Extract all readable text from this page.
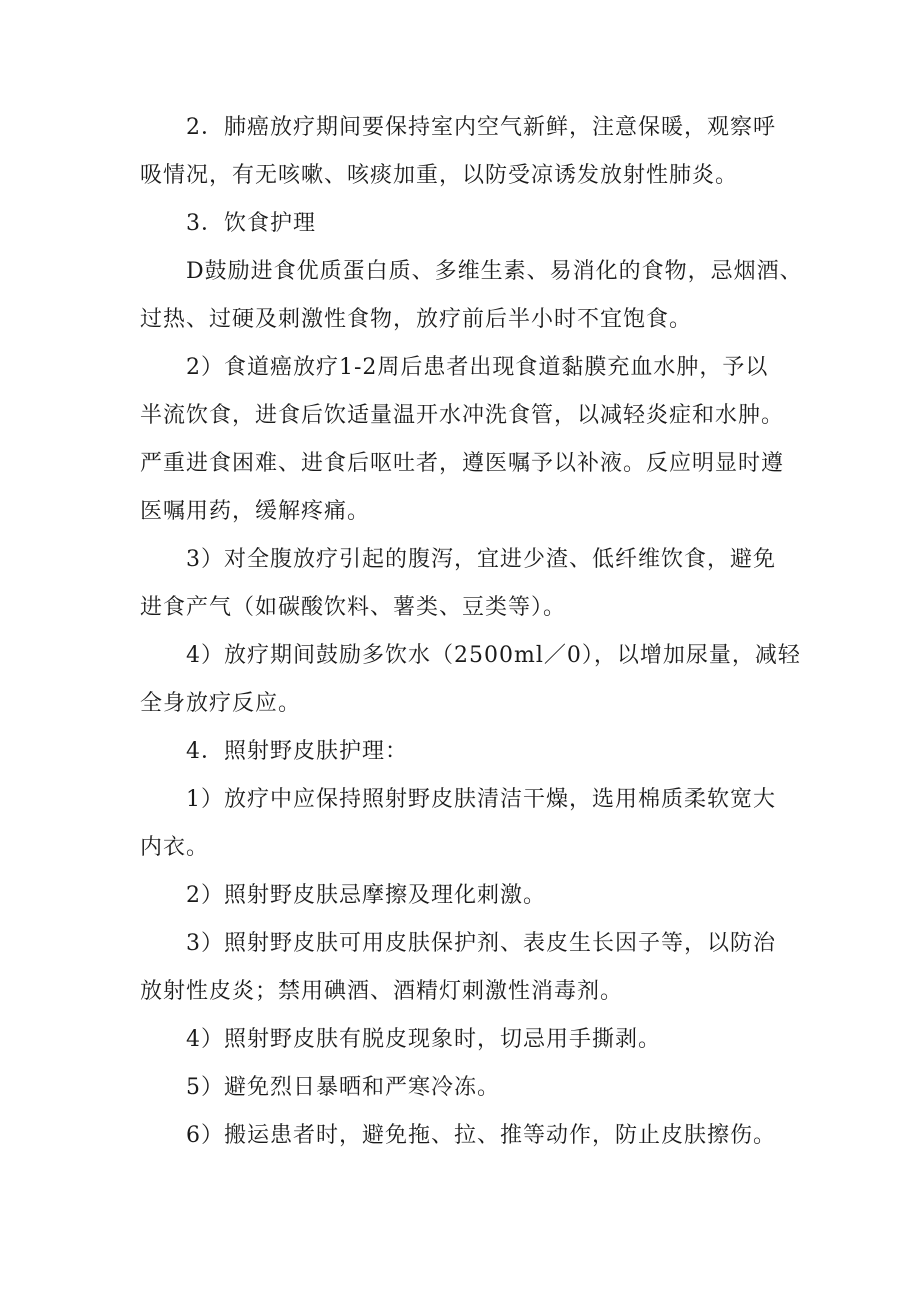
2．肺癌放疗期间要保持室内空气新鲜，注意保暖，观察呼
吸情况，有无咳嗽、咳痰加重，以防受凉诱发放射性肺炎。

3．饮食护理

D鼓励进食优质蛋白质、多维生素、易消化的食物，忌烟酒、
过热、过硬及刺激性食物，放疗前后半小时不宜饱食。

2）食道癌放疗1-2周后患者出现食道黏膜充血水肿，予以
半流饮食，进食后饮适量温开水冲洗食管，以减轻炎症和水肿。
严重进食困难、进食后呕吐者，遵医嘱予以补液。反应明显时遵
医嘱用药，缓解疼痛。

3）对全腹放疗引起的腹泻，宜进少渣、低纤维饮食，避免
进食产气（如碳酸饮料、薯类、豆类等）。

4）放疗期间鼓励多饮水（2500ml／0），以增加尿量，减轻
全身放疗反应。

4．照射野皮肤护理：

1）放疗中应保持照射野皮肤清洁干燥，选用棉质柔软宽大
内衣。

2）照射野皮肤忌摩擦及理化刺激。

3）照射野皮肤可用皮肤保护剂、表皮生长因子等，以防治
放射性皮炎；禁用碘酒、酒精灯刺激性消毒剂。

4）照射野皮肤有脱皮现象时，切忌用手撕剥。

5）避免烈日暴晒和严寒冷冻。

6）搬运患者时，避免拖、拉、推等动作，防止皮肤擦伤。
